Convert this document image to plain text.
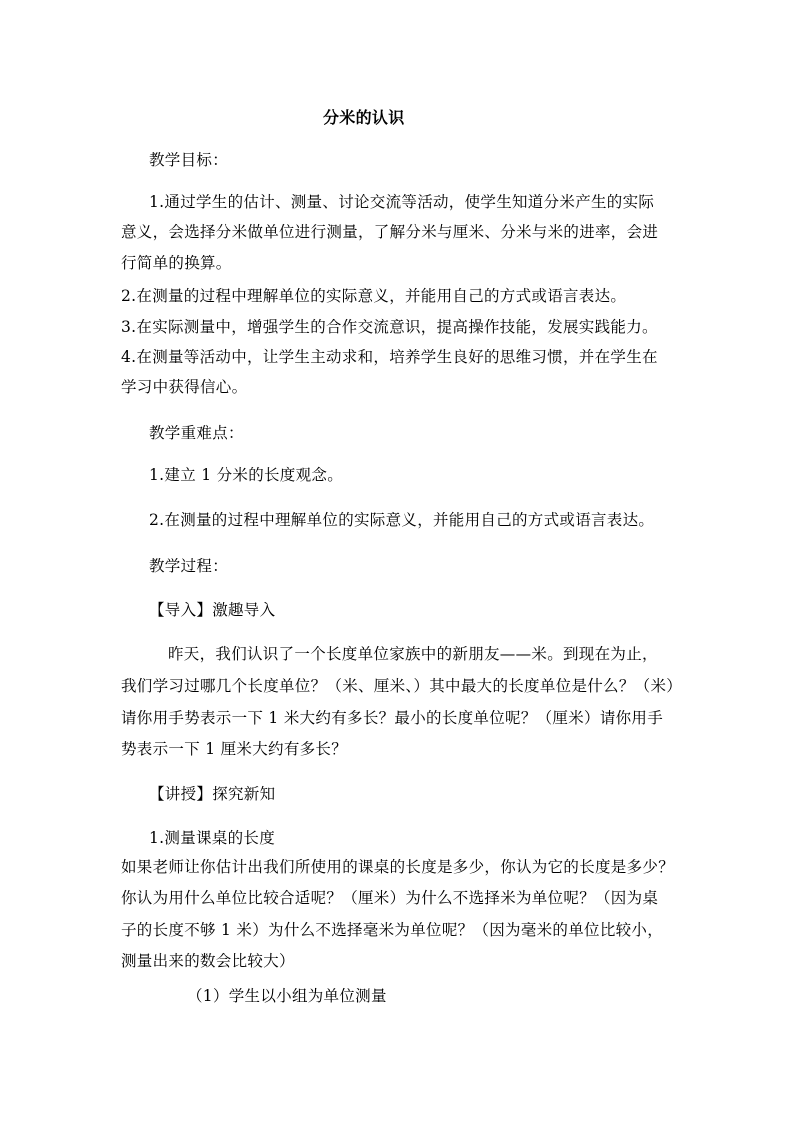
分米的认识
教学目标：
1.通过学生的估计、测量、讨论交流等活动，使学生知道分米产生的实际
意义，会选择分米做单位进行测量，了解分米与厘米、分米与米的进率，会进
行简单的换算。
2.在测量的过程中理解单位的实际意义，并能用自己的方式或语言表达。
3.在实际测量中，增强学生的合作交流意识，提高操作技能，发展实践能力。
4.在测量等活动中，让学生主动求和，培养学生良好的思维习惯，并在学生在
学习中获得信心。
教学重难点：
1.建立 1 分米的长度观念。
2.在测量的过程中理解单位的实际意义，并能用自己的方式或语言表达。
教学过程：
【导入】激趣导入
昨天，我们认识了一个长度单位家族中的新朋友——米。到现在为止，
我们学习过哪几个长度单位？（米、厘米、）其中最大的长度单位是什么？（米）
请你用手势表示一下 1 米大约有多长？最小的长度单位呢？（厘米）请你用手
势表示一下 1 厘米大约有多长？
【讲授】探究新知
1.测量课桌的长度
如果老师让你估计出我们所使用的课桌的长度是多少，你认为它的长度是多少？
你认为用什么单位比较合适呢？（厘米）为什么不选择米为单位呢？（因为桌
子的长度不够 1 米）为什么不选择毫米为单位呢？（因为毫米的单位比较小，
测量出来的数会比较大）
（1）学生以小组为单位测量
